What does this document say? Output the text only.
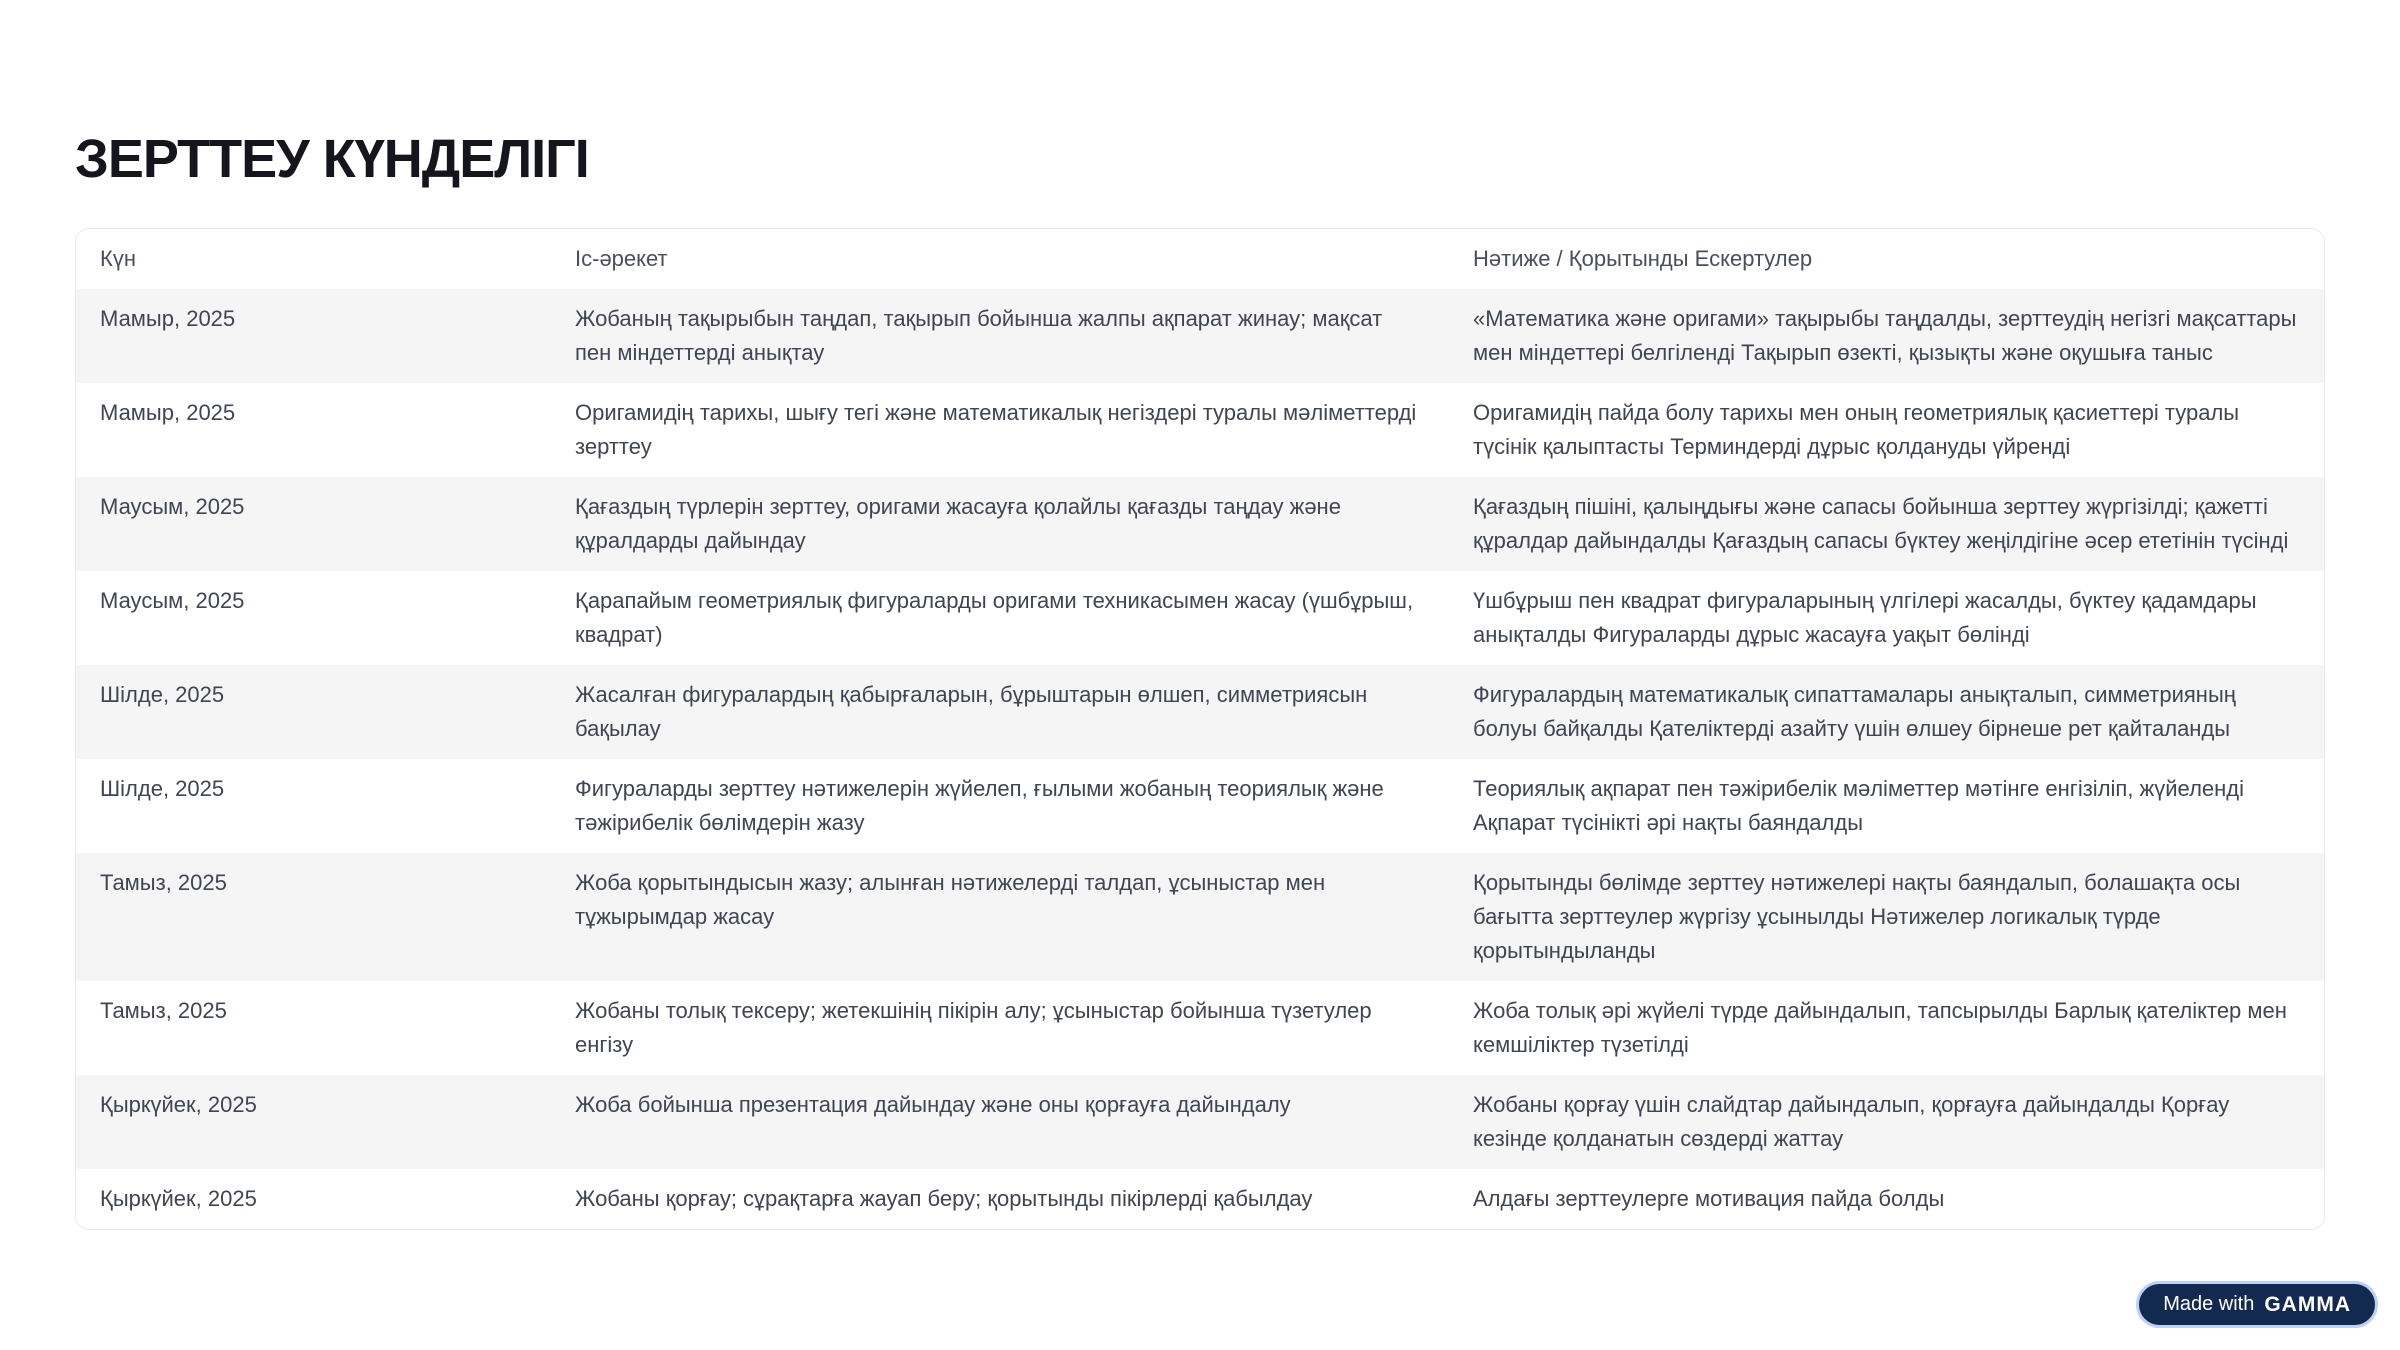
ЗЕРТТЕУ КҮНДЕЛІГІ
Күн	Іс-әрекет	Нәтиже / Қорытынды Ескертулер
Мамыр, 2025	Жобаның тақырыбын таңдап, тақырып бойынша жалпы ақпарат жинау; мақсат пен міндеттерді анықтау	«Математика және оригами» тақырыбы таңдалды, зерттеудің негізгі мақсаттары мен міндеттері белгіленді Тақырып өзекті, қызықты және оқушыға таныс
Мамыр, 2025	Оригамидің тарихы, шығу тегі және математикалық негіздері туралы мәліметтерді зерттеу	Оригамидің пайда болу тарихы мен оның геометриялық қасиеттері туралы түсінік қалыптасты Терминдерді дұрыс қолдануды үйренді
Маусым, 2025	Қағаздың түрлерін зерттеу, оригами жасауға қолайлы қағазды таңдау және құралдарды дайындау	Қағаздың пішіні, қалыңдығы және сапасы бойынша зерттеу жүргізілді; қажетті құралдар дайындалды Қағаздың сапасы бүктеу жеңілдігіне әсер ететінін түсінді
Маусым, 2025	Қарапайым геометриялық фигураларды оригами техникасымен жасау (үшбұрыш, квадрат)	Үшбұрыш пен квадрат фигураларының үлгілері жасалды, бүктеу қадамдары анықталды Фигураларды дұрыс жасауға уақыт бөлінді
Шілде, 2025	Жасалған фигуралардың қабырғаларын, бұрыштарын өлшеп, симметриясын бақылау	Фигуралардың математикалық сипаттамалары анықталып, симметрияның болуы байқалды Қателіктерді азайту үшін өлшеу бірнеше рет қайталанды
Шілде, 2025	Фигураларды зерттеу нәтижелерін жүйелеп, ғылыми жобаның теориялық және тәжірибелік бөлімдерін жазу	Теориялық ақпарат пен тәжірибелік мәліметтер мәтінге енгізіліп, жүйеленді Ақпарат түсінікті әрі нақты баяндалды
Тамыз, 2025	Жоба қорытындысын жазу; алынған нәтижелерді талдап, ұсыныстар мен тұжырымдар жасау	Қорытынды бөлімде зерттеу нәтижелері нақты баяндалып, болашақта осы бағытта зерттеулер жүргізу ұсынылды Нәтижелер логикалық түрде қорытындыланды
Тамыз, 2025	Жобаны толық тексеру; жетекшінің пікірін алу; ұсыныстар бойынша түзетулер енгізу	Жоба толық әрі жүйелі түрде дайындалып, тапсырылды Барлық қателіктер мен кемшіліктер түзетілді
Қыркүйек, 2025	Жоба бойынша презентация дайындау және оны қорғауға дайындалу	Жобаны қорғау үшін слайдтар дайындалып, қорғауға дайындалды Қорғау кезінде қолданатын сөздерді жаттау
Қыркүйек, 2025	Жобаны қорғау; сұрақтарға жауап беру; қорытынды пікірлерді қабылдау	Алдағы зерттеулерге мотивация пайда болды
Made with GAMMA
